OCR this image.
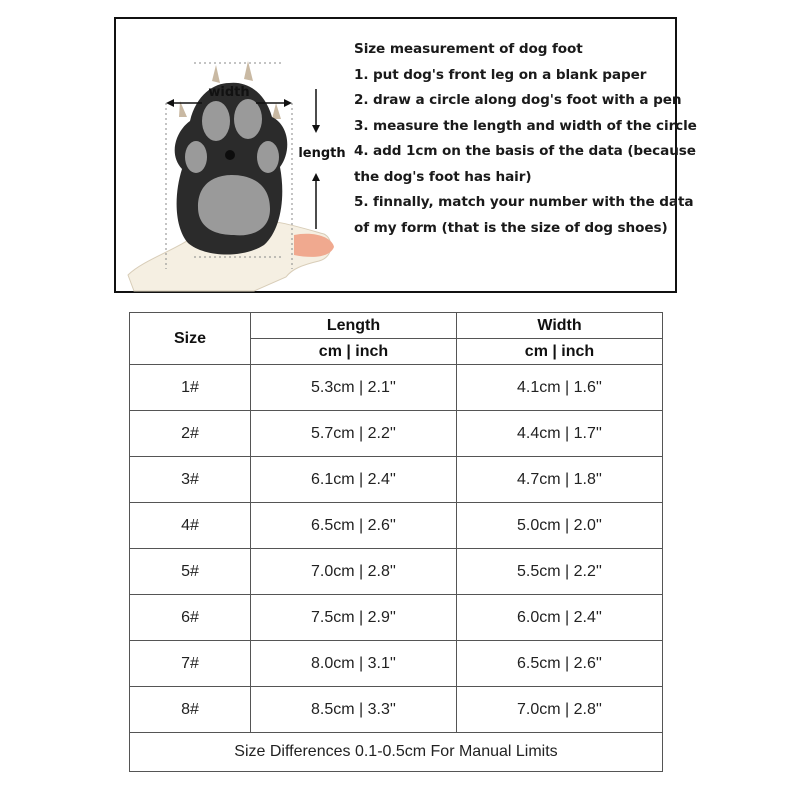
width
length
Size measurement of dog foot
1. put dog's front leg on a blank paper
2. draw a circle along dog's foot with a pen
3. measure the length and width of the circle
4. add 1cm on the basis of the data (because
the dog's foot has hair)
5. finnally, match your number with the data
of my form (that is the size of dog shoes)
Size	Length	Width
	cm | inch	cm | inch
1#	5.3cm | 2.1''	4.1cm | 1.6''
2#	5.7cm | 2.2''	4.4cm | 1.7''
3#	6.1cm | 2.4''	4.7cm | 1.8''
4#	6.5cm | 2.6''	5.0cm | 2.0''
5#	7.0cm | 2.8''	5.5cm | 2.2''
6#	7.5cm | 2.9''	6.0cm | 2.4''
7#	8.0cm | 3.1''	6.5cm | 2.6''
8#	8.5cm | 3.3''	7.0cm | 2.8''
Size Differences 0.1-0.5cm For Manual Limits		
